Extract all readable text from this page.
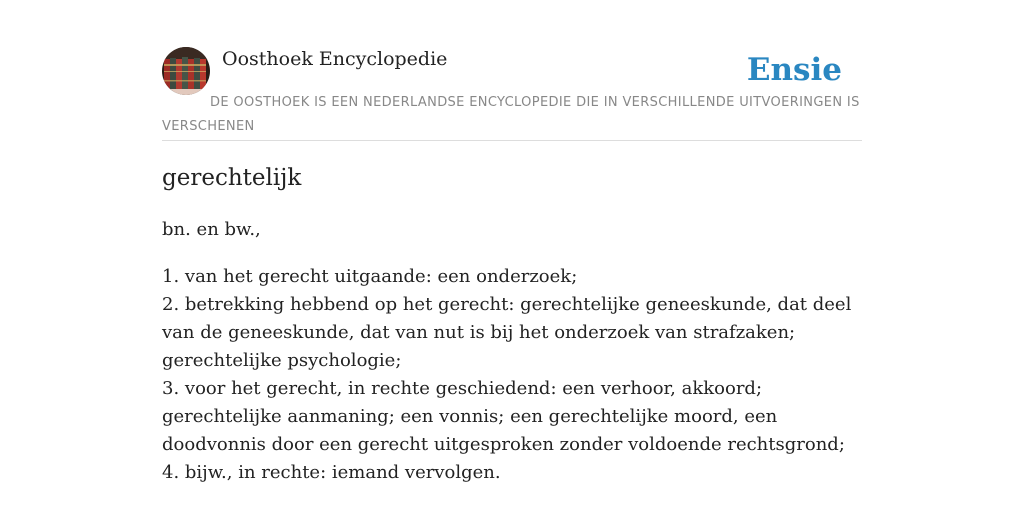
Oosthoek Encyclopedie	Ensie
DE OOSTHOEK IS EEN NEDERLANDSE ENCYCLOPEDIE DIE IN VERSCHILLENDE UITVOERINGEN IS VERSCHENEN
gerechtelijk

bn. en bw.,

1. van het gerecht uitgaande: een onderzoek;
2. betrekking hebbend op het gerecht: gerechtelijke geneeskunde, dat deel van de geneeskunde, dat van nut is bij het onderzoek van strafzaken; gerechtelijke psychologie;
3. voor het gerecht, in rechte geschiedend: een verhoor, akkoord; gerechtelijke aanmaning; een vonnis; een gerechtelijke moord, een doodvonnis door een gerecht uitgesproken zonder voldoende rechtsgrond;
4. bijw., in rechte: iemand vervolgen.
